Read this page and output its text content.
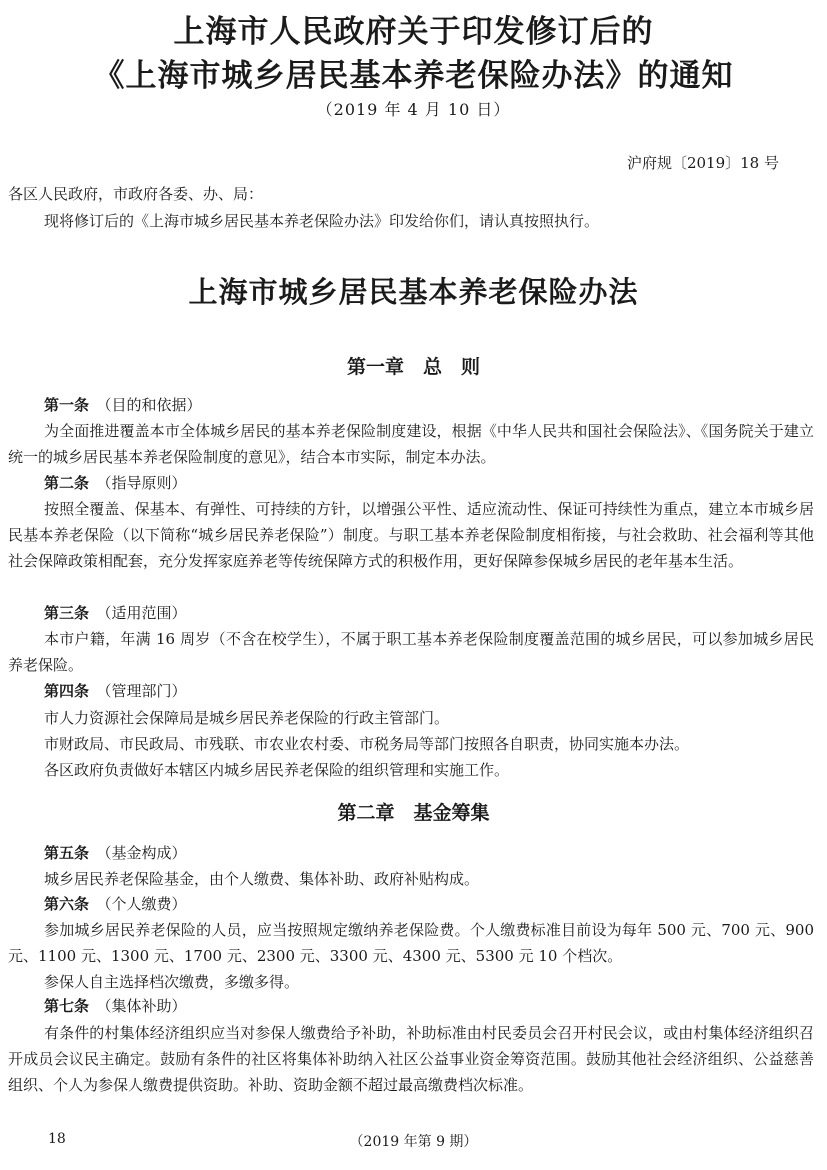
上海市人民政府关于印发修订后的
《上海市城乡居民基本养老保险办法》的通知
（2019 年 4 月 10 日）
沪府规〔2019〕18 号
各区人民政府，市政府各委、办、局：
现将修订后的《上海市城乡居民基本养老保险办法》印发给你们，请认真按照执行。
上海市城乡居民基本养老保险办法
第一章　总　则
第一条　 （目的和依据）
为全面推进覆盖本市全体城乡居民的基本养老保险制度建设，根据《中华人民共和国社会保险法》、《国务院关于建立统一的城乡居民基本养老保险制度的意见》，结合本市实际，制定本办法。
第二条　 （指导原则）
按照全覆盖、保基本、有弹性、可持续的方针，以增强公平性、适应流动性、保证可持续性为重点，建立本市城乡居民基本养老保险（以下简称“城乡居民养老保险”）制度。与职工基本养老保险制度相衔接，与社会救助、社会福利等其他社会保障政策相配套，充分发挥家庭养老等传统保障方式的积极作用，更好保障参保城乡居民的老年基本生活。
第三条　 （适用范围）
本市户籍，年满 16 周岁（不含在校学生），不属于职工基本养老保险制度覆盖范围的城乡居民，可以参加城乡居民养老保险。
第四条　 （管理部门）
市人力资源社会保障局是城乡居民养老保险的行政主管部门。
市财政局、市民政局、市残联、市农业农村委、市税务局等部门按照各自职责，协同实施本办法。
各区政府负责做好本辖区内城乡居民养老保险的组织管理和实施工作。
第二章　基金筹集
第五条　 （基金构成）
城乡居民养老保险基金，由个人缴费、集体补助、政府补贴构成。
第六条　 （个人缴费）
参加城乡居民养老保险的人员，应当按照规定缴纳养老保险费。个人缴费标准目前设为每年 500 元、700 元、900 元、1100 元、1300 元、1700 元、2300 元、3300 元、4300 元、5300 元 10 个档次。
参保人自主选择档次缴费，多缴多得。
第七条　 （集体补助）
有条件的村集体经济组织应当对参保人缴费给予补助，补助标准由村民委员会召开村民会议，或由村集体经济组织召开成员会议民主确定。鼓励有条件的社区将集体补助纳入社区公益事业资金筹资范围。鼓励其他社会经济组织、公益慈善组织、个人为参保人缴费提供资助。补助、资助金额不超过最高缴费档次标准。
18	（2019 年第 9 期）
